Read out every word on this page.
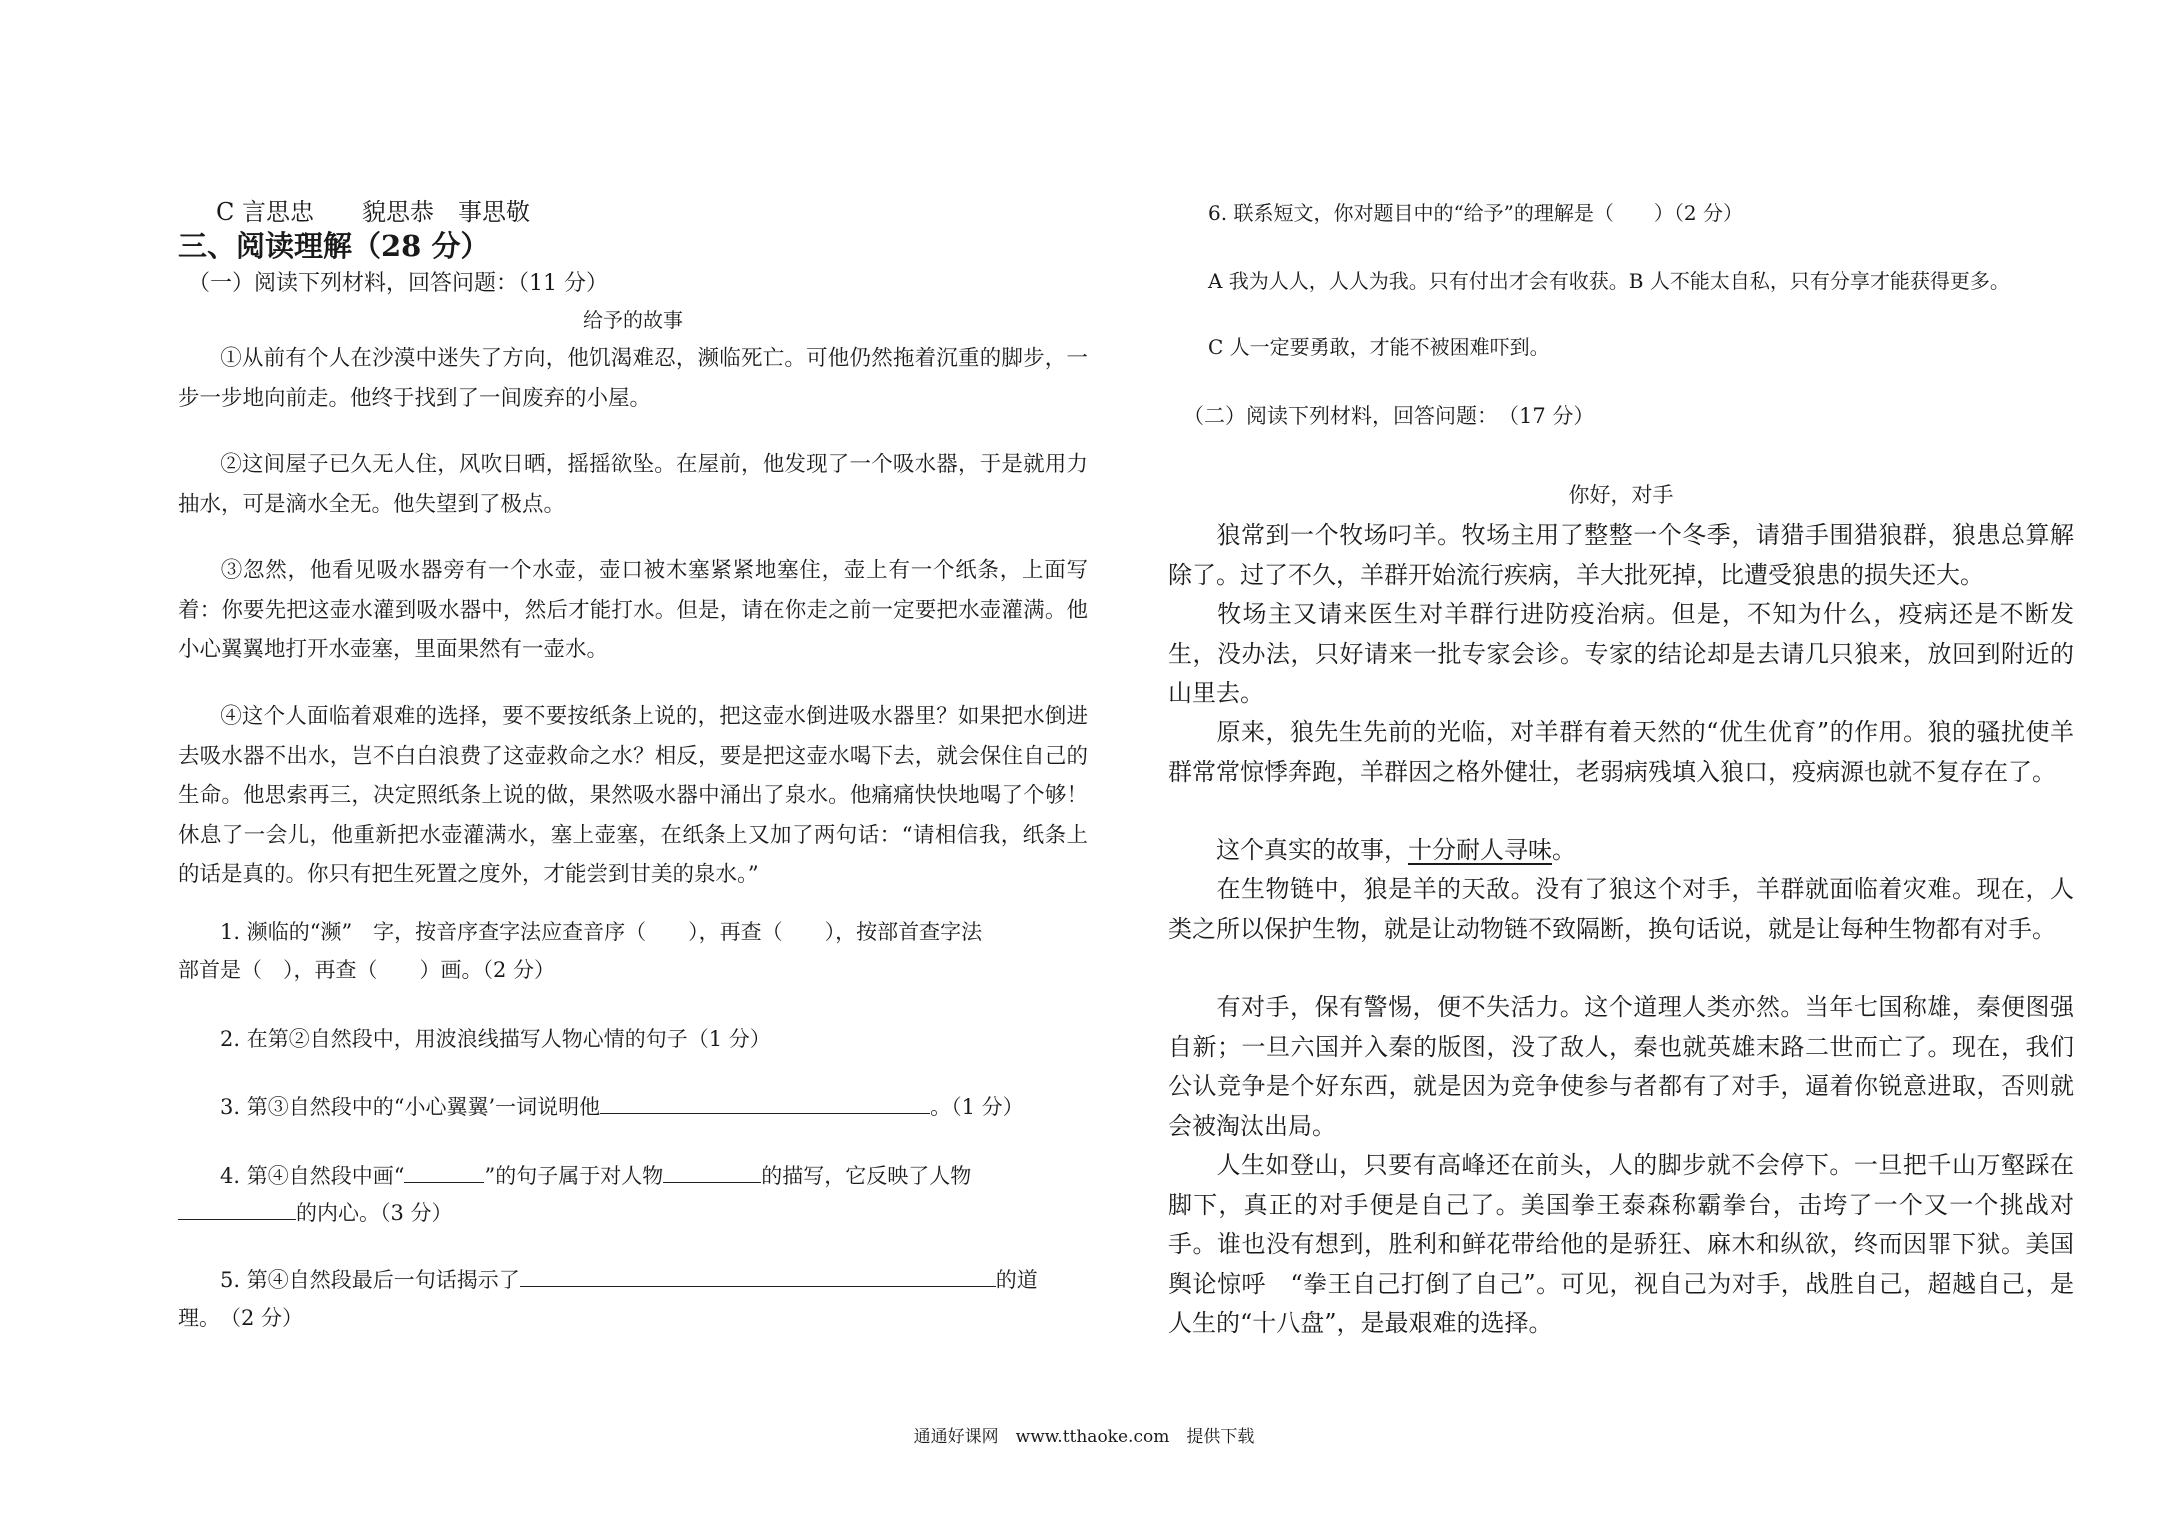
C 言思忠　　貌思恭　事思敬
三、阅读理解（28 分）
（一）阅读下列材料，回答问题：（11 分）
给予的故事
①从前有个人在沙漠中迷失了方向，他饥渴难忍，濒临死亡。可他仍然拖着沉重的脚步，一步一步地向前走。他终于找到了一间废弃的小屋。
②这间屋子已久无人住，风吹日晒，摇摇欲坠。在屋前，他发现了一个吸水器，于是就用力抽水，可是滴水全无。他失望到了极点。
③忽然，他看见吸水器旁有一个水壶，壶口被木塞紧紧地塞住，壶上有一个纸条，上面写着：你要先把这壶水灌到吸水器中，然后才能打水。但是，请在你走之前一定要把水壶灌满。他小心翼翼地打开水壶塞，里面果然有一壶水。
④这个人面临着艰难的选择，要不要按纸条上说的，把这壶水倒进吸水器里？如果把水倒进去吸水器不出水，岂不白白浪费了这壶救命之水？相反，要是把这壶水喝下去，就会保住自己的生命。他思索再三，决定照纸条上说的做，果然吸水器中涌出了泉水。他痛痛快快地喝了个够！休息了一会儿，他重新把水壶灌满水，塞上壶塞，在纸条上又加了两句话：“请相信我，纸条上的话是真的。你只有把生死置之度外，才能尝到甘美的泉水。”
1. 濒临的“濒”　字，按音序查字法应查音序（　　），再查（　　），按部首查字法
部首是（　），再查（　　）画。（2 分）
2. 在第②自然段中，用波浪线描写人物心情的句子（1 分）
3. 第③自然段中的“小心翼翼’一词说明他	。（1 分）
4. 第④自然段中画“	”的句子属于对人物	的描写，它反映了人物
的内心。（3 分）
5. 第④自然段最后一句话揭示了	的道
理。　（2 分）
6. 联系短文，你对题目中的“给予”的理解是（　　）（2 分）
A 我为人人，人人为我。只有付出才会有收获。B 人不能太自私，只有分享才能获得更多。
C 人一定要勇敢，才能不被困难吓到。
（二）阅读下列材料，回答问题：　（17 分）
你好，对手
狼常到一个牧场叼羊。牧场主用了整整一个冬季，请猎手围猎狼群，狼患总算解除了。过了不久，羊群开始流行疾病，羊大批死掉，比遭受狼患的损失还大。
牧场主又请来医生对羊群行进防疫治病。但是，不知为什么，疫病还是不断发生，没办法，只好请来一批专家会诊。专家的结论却是去请几只狼来，放回到附近的山里去。
原来，狼先生先前的光临，对羊群有着天然的“优生优育”的作用。狼的骚扰使羊群常常惊悸奔跑，羊群因之格外健壮，老弱病残填入狼口，疫病源也就不复存在了。
这个真实的故事，十分耐人寻味。
在生物链中，狼是羊的天敌。没有了狼这个对手，羊群就面临着灾难。现在，人类之所以保护生物，就是让动物链不致隔断，换句话说，就是让每种生物都有对手。
有对手，保有警惕，便不失活力。这个道理人类亦然。当年七国称雄，秦便图强自新；一旦六国并入秦的版图，没了敌人，秦也就英雄末路二世而亡了。现在，我们公认竞争是个好东西，就是因为竞争使参与者都有了对手，逼着你锐意进取，否则就会被淘汰出局。
人生如登山，只要有高峰还在前头，人的脚步就不会停下。一旦把千山万壑踩在脚下，真正的对手便是自己了。美国拳王泰森称霸拳台，击垮了一个又一个挑战对手。谁也没有想到，胜利和鲜花带给他的是骄狂、麻木和纵欲，终而因罪下狱。美国舆论惊呼　“拳王自己打倒了自己”。可见，视自己为对手，战胜自己，超越自己，是人生的“十八盘”，是最艰难的选择。
通通好课网　www.tthaoke.com　提供下载
